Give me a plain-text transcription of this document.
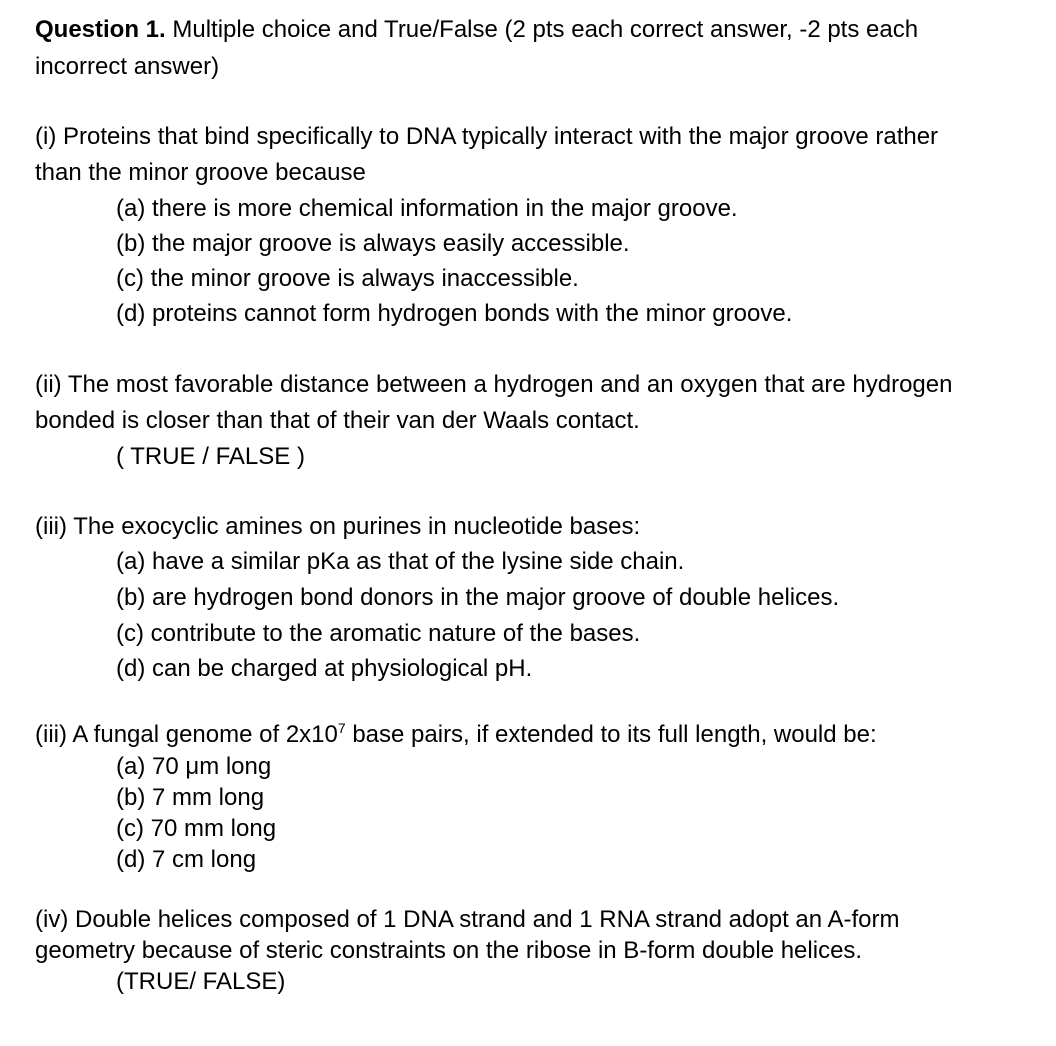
Question 1. Multiple choice and True/False (2 pts each correct answer, -2 pts each
incorrect answer)
(i) Proteins that bind specifically to DNA typically interact with the major groove rather
than the minor groove because
(a) there is more chemical information in the major groove.
(b) the major groove is always easily accessible.
(c) the minor groove is always inaccessible.
(d) proteins cannot form hydrogen bonds with the minor groove.
(ii) The most favorable distance between a hydrogen and an oxygen that are hydrogen
bonded is closer than that of their van der Waals contact.
( TRUE / FALSE )
(iii) The exocyclic amines on purines in nucleotide bases:
(a) have a similar pKa as that of the lysine side chain.
(b) are hydrogen bond donors in the major groove of double helices.
(c) contribute to the aromatic nature of the bases.
(d) can be charged at physiological pH.
(iii) A fungal genome of $2x10^7$ base pairs, if extended to its full length, would be:
(a) 70 μm long
(b) 7 mm long
(c) 70 mm long
(d) 7 cm long
(iv) Double helices composed of 1 DNA strand and 1 RNA strand adopt an A-form
geometry because of steric constraints on the ribose in B-form double helices.
(TRUE/ FALSE)
